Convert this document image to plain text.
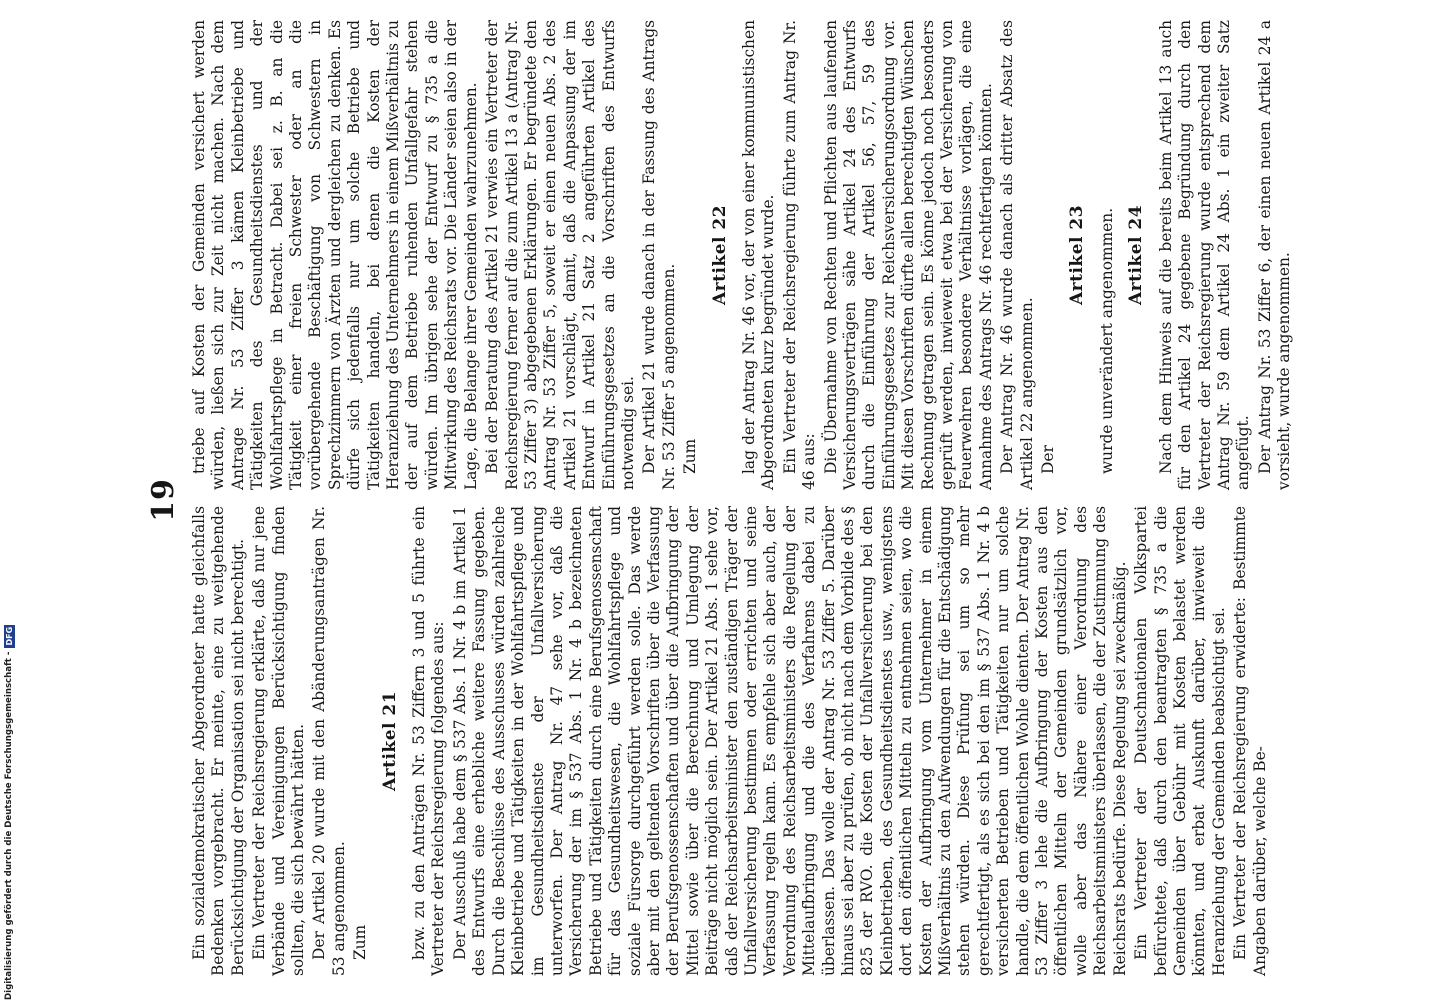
19

Ein sozialdemokratischer Abgeordneter hatte gleichfalls Bedenken vorgebracht. Er meinte, eine zu weitgehende Berücksichtigung der Organisation sei nicht berechtigt. Ein Vertreter der Reichsregierung erklärte, daß nur jene Verbände und Vereinigungen Berücksichtigung finden sollten, die sich bewährt hätten. Der Artikel 20 wurde mit den Abänderungsanträgen Nr. 53 angenommen. Zum

Artikel 21 bzw. zu den Anträgen Nr. 53 Ziffern 3 und 5 führte ein Vertreter der Reichsregierung folgendes aus: Der Ausschuß habe dem § 537 Abs. 1 Nr. 4 b im Artikel 1 des Entwurfs eine erhebliche weitere Fassung gegeben. Durch die Beschlüsse des Ausschusses würden zahlreiche Kleinbetriebe und Tätigkeiten in der Wohlfahrtspflege und im Gesundheitsdienste der Unfallversicherung unterworfen. Der Antrag Nr. 47 sehe vor, daß die Versicherung der im § 537 Abs. 1 Nr. 4 b bezeichneten Betriebe und Tätigkeiten durch eine Berufsgenossenschaft für das Gesundheitswesen, die Wohlfahrtspflege und soziale Fürsorge durchgeführt werden solle. Das werde aber mit den geltenden Vorschriften über die Verfassung der Berufsgenossenschaften und über die Aufbringung der Mittel sowie über die Berechnung und Umlegung der Beiträge nicht möglich sein. Der Artikel 21 Abs. 1 sehe vor, daß der Reichsarbeitsminister den zuständigen Träger der Unfallversicherung bestimmen oder errichten und seine Verfassung regeln kann. Es empfehle sich aber auch, der Verordnung des Reichsarbeitsministers die Regelung der Mittelaufbringung und die des Verfahrens dabei zu überlassen. Das wolle der Antrag Nr. 53 Ziffer 5. Darüber hinaus sei aber zu prüfen, ob nicht nach dem Vorbilde des § 825 der RVO. die Kosten der Unfallversicherung bei den Kleinbetrieben, des Gesundheitsdienstes usw., wenigstens dort den öffentlichen Mitteln zu entnehmen seien, wo die Kosten der Aufbringung vom Unternehmer in einem Mißverhältnis zu den Aufwendungen für die Entschädigung stehen würden. Diese Prüfung sei um so mehr gerechtfertigt, als es sich bei den im § 537 Abs. 1 Nr. 4 b versicherten Betrieben und Tätigkeiten nur um solche handle, die dem öffentlichen Wohle dienten. Der Antrag Nr. 53 Ziffer 3 lehe die Aufbringung der Kosten aus den öffentlichen Mitteln der Gemeinden grundsätzlich vor, wolle aber das Nähere einer Verordnung des Reichsarbeitsministers überlassen, die der Zustimmung des Reichsrats bedürfe. Diese Regelung sei zweckmäßig. Ein Vertreter der Deutschnationalen Volkspartei befürchtete, daß durch den beantragten § 735 a die Gemeinden über Gebühr mit Kosten belastet werden könnten, und erbat Auskunft darüber, inwieweit die Heranziehung der Gemeinden beabsichtigt sei. Ein Vertreter der Reichsregierung erwiderte: Bestimmte Angaben darüber, welche Be-

triebe auf Kosten der Gemeinden versichert werden würden, ließen sich zur Zeit nicht machen. Nach dem Antrage Nr. 53 Ziffer 3 kämen Kleinbetriebe und Tätigkeiten des Gesundheitsdienstes und der Wohlfahrtspflege in Betracht. Dabei sei z. B. an die Tätigkeit einer freien Schwester oder an die vorübergehende Beschäftigung von Schwestern in Sprechzimmern von Ärzten und dergleichen zu denken. Es dürfe sich jedenfalls nur um solche Betriebe und Tätigkeiten handeln, bei denen die Kosten der Heranziehung des Unternehmers in einem Mißverhältnis zu der auf dem Betriebe ruhenden Unfallgefahr stehen würden. Im übrigen sehe der Entwurf zu § 735 a die Mitwirkung des Reichsrats vor. Die Länder seien also in der Lage, die Belange ihrer Gemeinden wahrzunehmen. Bei der Beratung des Artikel 21 verwies ein Vertreter der Reichsregierung ferner auf die zum Artikel 13 a (Antrag Nr. 53 Ziffer 3) abgegebenen Erklärungen. Er begründete den Antrag Nr. 53 Ziffer 5, soweit er einen neuen Abs. 2 des Artikel 21 vorschlägt, damit, daß die Anpassung der im Entwurf in Artikel 21 Satz 2 angeführten Artikel des Einführungsgesetzes an die Vorschriften des Entwurfs notwendig sei. Der Artikel 21 wurde danach in der Fassung des Antrags Nr. 53 Ziffer 5 angenommen. Zum

Artikel 22 lag der Antrag Nr. 46 vor, der von einer kommunistischen Abgeordneten kurz begründet wurde. Ein Vertreter der Reichsregierung führte zum Antrag Nr. 46 aus: Die Übernahme von Rechten und Pflichten aus laufenden Versicherungsverträgen sähe Artikel 24 des Entwurfs durch die Einführung der Artikel 56, 57, 59 des Einführungsgesetzes zur Reichsversicherungsordnung vor. Mit diesen Vorschriften dürfte allen berechtigten Wünschen Rechnung getragen sein. Es könne jedoch noch besonders geprüft werden, inwieweit etwa bei der Versicherung von Feuerwehren besondere Verhältnisse vorlägen, die eine Annahme des Antrags Nr. 46 rechtfertigen könnten. Der Antrag Nr. 46 wurde danach als dritter Absatz des Artikel 22 angenommen. Der

Artikel 23 wurde unverändert angenommen. Artikel 24 Nach dem Hinweis auf die bereits beim Artikel 13 auch für den Artikel 24 gegebene Begründung durch den Vertreter der Reichsregierung wurde entsprechend dem Antrag Nr. 59 dem Artikel 24 Abs. 1 ein zweiter Satz angefügt. Der Antrag Nr. 53 Ziffer 6, der einen neuen Artikel 24 a vorsieht, wurde angenommen.

Digitalisierung gefördert durch die Deutsche Forschungsgemeinschaft -
DFG
